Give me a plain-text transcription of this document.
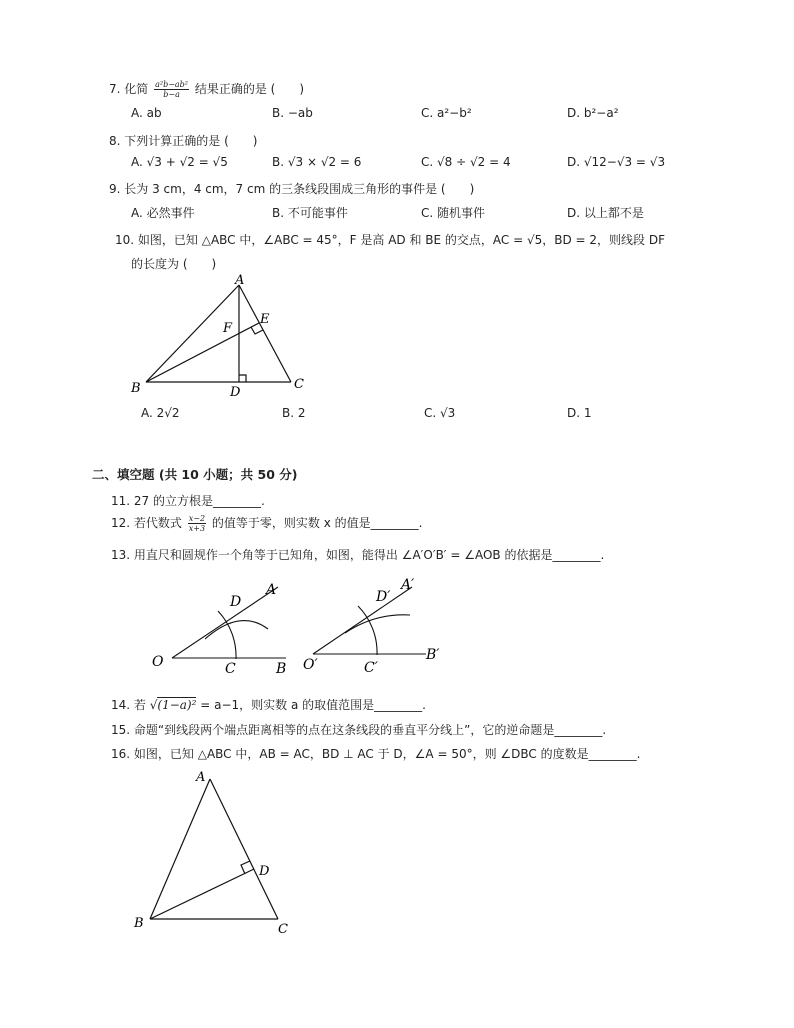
7. 化简 $\frac{\text{a²b−ab²}}{b-a}$ 结果正确的是 (　　)
A. ab	B. −ab	C. a²−b²	D. b²−a²
8. 下列计算正确的是 (　　)
A. √3 + √2 = √5	B. √3 × √2 = 6	C. √8 ÷ √2 = 4	D. √12−√3 = √3
9. 长为 3 cm，4 cm，7 cm 的三条线段围成三角形的事件是 (　　)
A. 必然事件	B. 不可能事件	C. 随机事件	D. 以上都不是
10. 如图，已知 △ABC 中，∠ABC = 45°，F 是高 AD 和 BE 的交点，AC = √5，BD = 2，则线段 DF
的长度为 (　　)
A
B	C
D
E
F
A. 2√2	B. 2	C. √3	D. 1
二、填空题 (共 10 小题；共 50 分)
11. 27 的立方根是________.
12. 若代数式 $\frac{x-2}{x+3}$ 的值等于零，则实数 x 的值是________.
13. 用直尺和圆规作一个角等于已知角，如图，能得出 ∠A′O′B′ = ∠AOB 的依据是________.
O
A
B
C
D
O′
A′
B′
C′
D′
14. 若 √(1−a)² = a−1，则实数 a 的取值范围是________.
15. 命题“到线段两个端点距离相等的点在这条线段的垂直平分线上”，它的逆命题是________.
16. 如图，已知 △ABC 中，AB = AC，BD ⊥ AC 于 D，∠A = 50°，则 ∠DBC 的度数是________.
A
B	C
D
